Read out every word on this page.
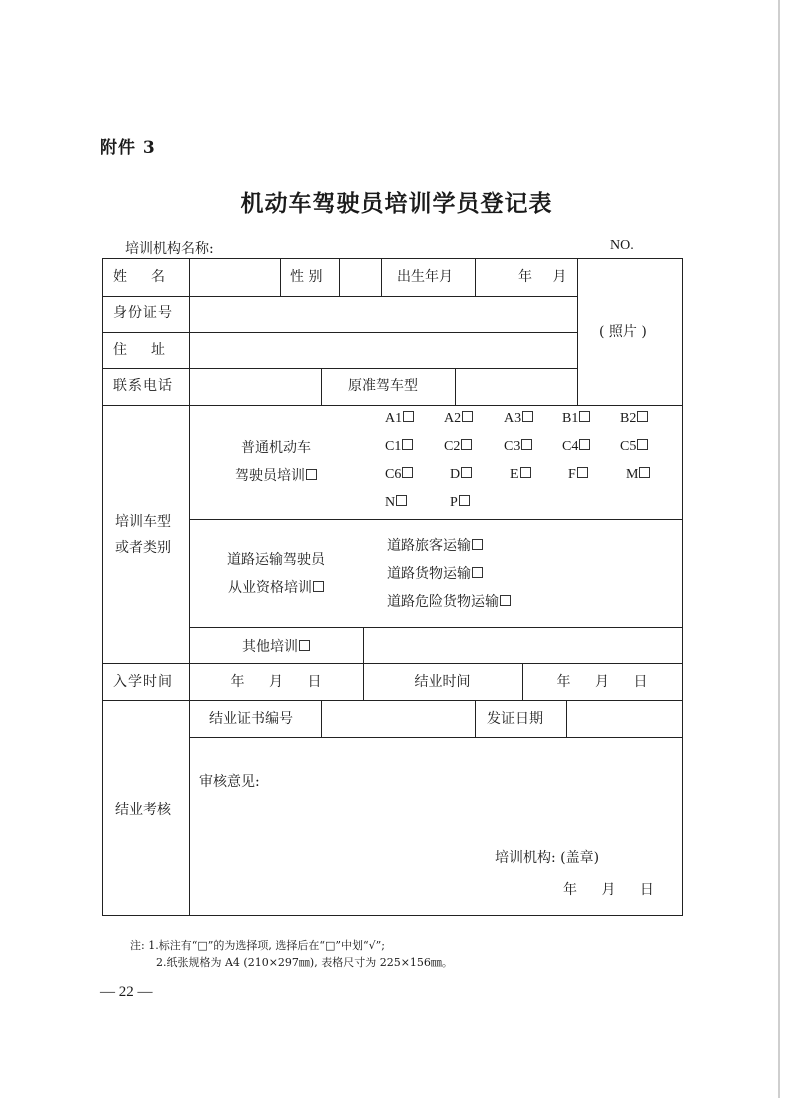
附件 3
机动车驾驶员培训学员登记表
培训机构名称:	NO.
姓名	性 别	出生年月	年 月
( 照片 )
身份证号
住址
联系电话	原准驾车型
培训车型
或者类别
普通机动车
驾驶员培训
A1	A2	A3	B1	B2
C1	C2	C3	C4	C5
C6	D	E	F	M
N	P
道路运输驾驶员
从业资格培训
道路旅客运输
道路货物运输
道路危险货物运输
其他培训
入学时间	年 月 日	结业时间	年 月 日
结业考核
结业证书编号	发证日期
审核意见:
培训机构: (盖章)
年 月 日
注: 1.标注有“□”的为选择项, 选择后在“□”中划“√”;
2.纸张规格为 A4 (210×297㎜), 表格尺寸为 225×156㎜。
— 22 —
